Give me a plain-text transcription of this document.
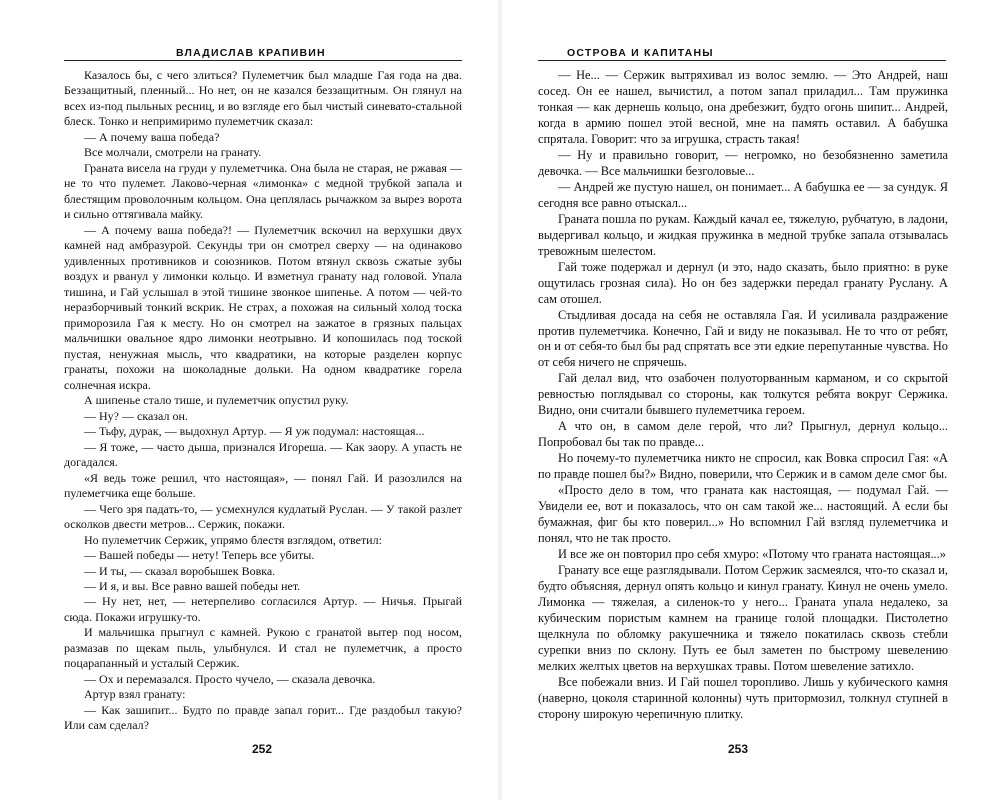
ВЛАДИСЛАВ КРАПИВИН

Казалось бы, с чего злиться? Пулеметчик был младше Гая года на два. Беззащитный, пленный... Но нет, он не казался беззащитным. Он глянул на всех из-под пыльных ресниц, и во взгляде его был чистый синевато-стальной блеск. Тонко и непримиримо пулеметчик сказал:

— А почему ваша победа?

Все молчали, смотрели на гранату.

Граната висела на груди у пулеметчика. Она была не старая, не ржавая — не то что пулемет. Лаково-черная «лимонка» с медной трубкой запала и блестящим проволочным кольцом. Она цеплялась рычажком за вырез ворота и сильно оттягивала майку.

— А почему ваша победа?! — Пулеметчик вскочил на верхушки двух камней над амбразурой. Секунды три он смотрел сверху — на одинаково удивленных противников и союзников. Потом втянул сквозь сжатые зубы воздух и рванул у лимонки кольцо. И взметнул гранату над головой. Упала тишина, и Гай услышал в этой тишине звонкое шипенье. А потом — чей-то неразборчивый тонкий вскрик. Не страх, а похожая на сильный холод тоска приморозила Гая к месту. Но он смотрел на зажатое в грязных пальцах мальчишки овальное ядро лимонки неотрывно. И копошилась под тоской пустая, ненужная мысль, что квадратики, на которые разделен корпус гранаты, похожи на шоколадные дольки. На одном квадратике горела солнечная искра.

А шипенье стало тише, и пулеметчик опустил руку.

— Ну? — сказал он.

— Тьфу, дурак, — выдохнул Артур. — Я уж подумал: настоящая...

— Я тоже, — часто дыша, признался Игореша. — Как заору. А упасть не догадался.

«Я ведь тоже решил, что настоящая», — понял Гай. И разозлился на пулеметчика еще больше.

— Чего зря падать-то, — усмехнулся кудлатый Руслан. — У такой разлет осколков двести метров... Сержик, покажи.

Но пулеметчик Сержик, упрямо блестя взглядом, ответил:

— Вашей победы — нету! Теперь все убиты.

— И ты, — сказал воробышек Вовка.

— И я, и вы. Все равно вашей победы нет.

— Ну нет, нет, — нетерпеливо согласился Артур. — Ничья. Прыгай сюда. Покажи игрушку-то.

И мальчишка прыгнул с камней. Рукою с гранатой вытер под носом, размазав по щекам пыль, улыбнулся. И стал не пулеметчик, а просто поцарапанный и усталый Сержик.

— Ох и перемазался. Просто чучело, — сказала девочка.

Артур взял гранату:

— Как зашипит... Будто по правде запал горит... Где раздобыл такую? Или сам сделал?

252
ОСТРОВА И КАПИТАНЫ

— Не... — Сержик вытряхивал из волос землю. — Это Андрей, наш сосед. Он ее нашел, вычистил, а потом запал приладил... Там пружинка тонкая — как дернешь кольцо, она дребезжит, будто огонь шипит... Андрей, когда в армию пошел этой весной, мне на память оставил. А бабушка спрятала. Говорит: что за игрушка, страсть такая!

— Ну и правильно говорит, — негромко, но безобязненно заметила девочка. — Все мальчишки безголовые...

— Андрей же пустую нашел, он понимает... А бабушка ее — за сундук. Я сегодня все равно отыскал...

Граната пошла по рукам. Каждый качал ее, тяжелую, рубчатую, в ладони, выдергивал кольцо, и жидкая пружинка в медной трубке запала отзывалась тревожным шелестом.

Гай тоже подержал и дернул (и это, надо сказать, было приятно: в руке ощутилась грозная сила). Но он без задержки передал гранату Руслану. А сам отошел.

Стыдливая досада на себя не оставляла Гая. И усиливала раздражение против пулеметчика. Конечно, Гай и виду не показывал. Не то что от ребят, он и от себя-то был бы рад спрятать все эти едкие перепутанные чувства. Но от себя ничего не спрячешь.

Гай делал вид, что озабочен полуоторванным карманом, и со скрытой ревностью поглядывал со стороны, как толкутся ребята вокруг Сержика. Видно, они считали бывшего пулеметчика героем.

А что он, в самом деле герой, что ли? Прыгнул, дернул кольцо... Попробовал бы так по правде...

Но почему-то пулеметчика никто не спросил, как Вовка спросил Гая: «А по правде пошел бы?» Видно, поверили, что Сержик и в самом деле смог бы.

«Просто дело в том, что граната как настоящая, — подумал Гай. — Увидели ее, вот и показалось, что он сам такой же... настоящий. А если бы бумажная, фиг бы кто поверил...» Но вспомнил Гай взгляд пулеметчика и понял, что не так просто.

И все же он повторил про себя хмуро: «Потому что граната настоящая...»

Гранату все еще разглядывали. Потом Сержик засмеялся, что-то сказал и, будто объясняя, дернул опять кольцо и кинул гранату. Кинул не очень умело. Лимонка — тяжелая, а силенок-то у него... Граната упала недалеко, за кубическим пористым камнем на границе голой площадки. Пистолетно щелкнула по обломку ракушечника и тяжело покатилась сквозь стебли сурепки вниз по склону. Путь ее был заметен по быстрому шевелению мелких желтых цветов на верхушках травы. Потом шевеление затихло.

Все побежали вниз. И Гай пошел торопливо. Лишь у кубического камня (наверно, цоколя старинной колонны) чуть притормозил, толкнул ступней в сторону широкую черепичную плитку.

253
